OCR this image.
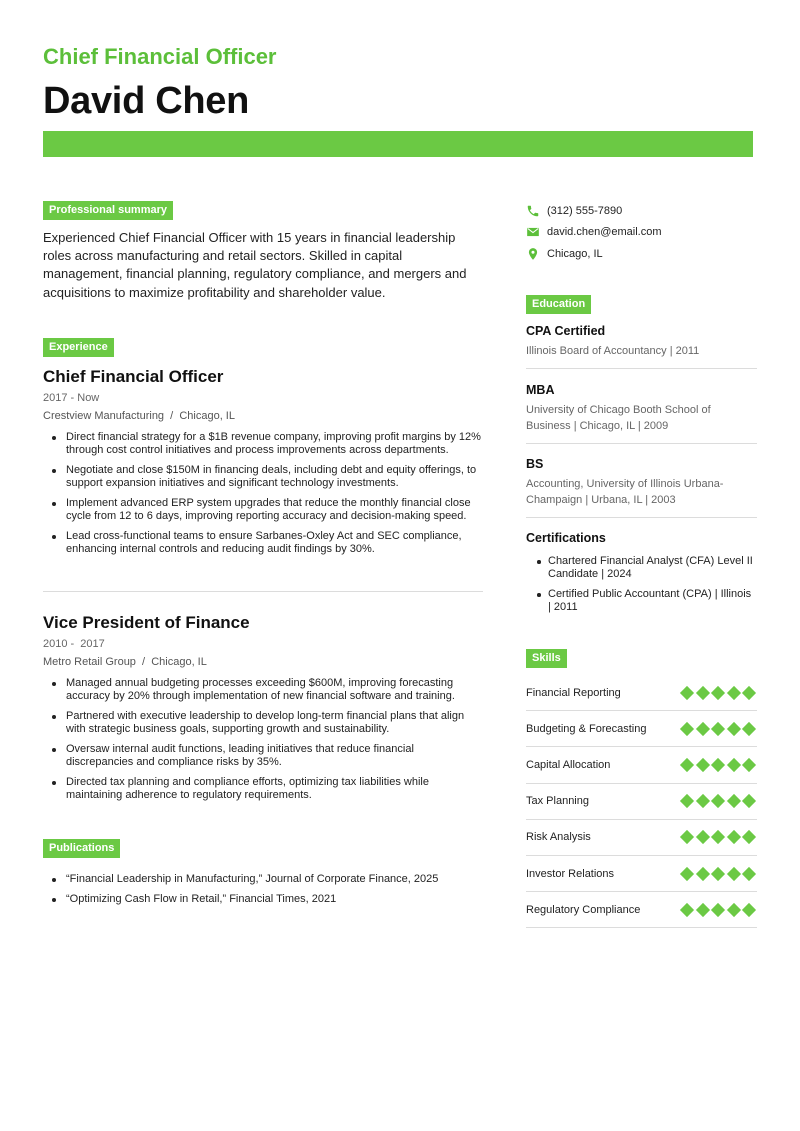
Chief Financial Officer
David Chen
Professional summary

Experienced Chief Financial Officer with 15 years in financial leadership roles across manufacturing and retail sectors. Skilled in capital management, financial planning, regulatory compliance, and mergers and acquisitions to maximize profitability and shareholder value.

Experience
Chief Financial Officer
2017 - Now
Crestview Manufacturing  /  Chicago, IL
Direct financial strategy for a $1B revenue company, improving profit margins by 12% through cost control initiatives and process improvements across departments.
Negotiate and close $150M in financing deals, including debt and equity offerings, to support expansion initiatives and significant technology investments.
Implement advanced ERP system upgrades that reduce the monthly financial close cycle from 12 to 6 days, improving reporting accuracy and decision-making speed.
Lead cross-functional teams to ensure Sarbanes-Oxley Act and SEC compliance, enhancing internal controls and reducing audit findings by 30%.
Vice President of Finance
2010 -  2017
Metro Retail Group  /  Chicago, IL
Managed annual budgeting processes exceeding $600M, improving forecasting accuracy by 20% through implementation of new financial software and training.
Partnered with executive leadership to develop long-term financial plans that align with strategic business goals, supporting growth and sustainability.
Oversaw internal audit functions, leading initiatives that reduce financial discrepancies and compliance risks by 35%.
Directed tax planning and compliance efforts, optimizing tax liabilities while maintaining adherence to regulatory requirements.
Publications
“Financial Leadership in Manufacturing,” Journal of Corporate Finance, 2025
“Optimizing Cash Flow in Retail,” Financial Times, 2021
(312) 555-7890
david.chen@email.com
Chicago, IL
Education
CPA Certified
Illinois Board of Accountancy | 2011
MBA
University of Chicago Booth School of Business | Chicago, IL | 2009
BS
Accounting, University of Illinois Urbana-Champaign | Urbana, IL | 2003
Certifications
Chartered Financial Analyst (CFA) Level II Candidate | 2024
Certified Public Accountant (CPA) | Illinois | 2011
Skills
Financial Reporting
Budgeting & Forecasting
Capital Allocation
Tax Planning
Risk Analysis
Investor Relations
Regulatory Compliance
